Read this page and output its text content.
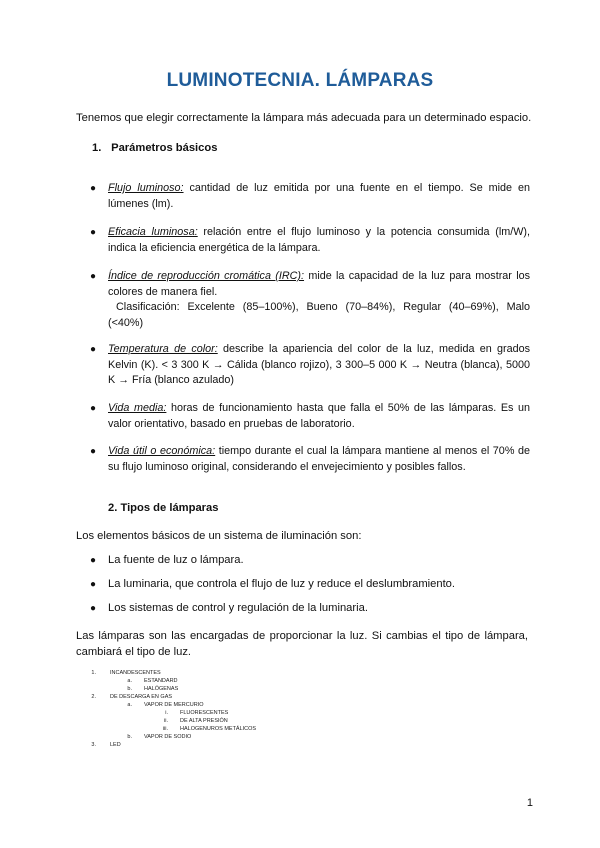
LUMINOTECNIA. LÁMPARAS
Tenemos que elegir correctamente la lámpara más adecuada para un determinado espacio.
1. Parámetros básicos
● Flujo luminoso: cantidad de luz emitida por una fuente en el tiempo. Se mide en lúmenes (lm).
● Eficacia luminosa: relación entre el flujo luminoso y la potencia consumida (lm/W), indica la eficiencia energética de la lámpara.
● Índice de reproducción cromática (IRC): mide la capacidad de la luz para mostrar los colores de manera fiel.
Clasificación: Excelente (85–100%), Bueno (70–84%), Regular (40–69%), Malo (<40%)
● Temperatura de color: describe la apariencia del color de la luz, medida en grados Kelvin (K). < 3 300 K → Cálida (blanco rojizo), 3 300–5 000 K → Neutra (blanca), 5000 K → Fría (blanco azulado)
● Vida media: horas de funcionamiento hasta que falla el 50% de las lámparas. Es un valor orientativo, basado en pruebas de laboratorio.
● Vida útil o económica: tiempo durante el cual la lámpara mantiene al menos el 70% de su flujo luminoso original, considerando el envejecimiento y posibles fallos.
2. Tipos de lámparas
Los elementos básicos de un sistema de iluminación son:
● La fuente de luz o lámpara.
● La luminaria, que controla el flujo de luz y reduce el deslumbramiento.
● Los sistemas de control y regulación de la luminaria.
Las lámparas son las encargadas de proporcionar la luz. Si cambias el tipo de lámpara, cambiará el tipo de luz.
1.	INCANDESCENTES
a. ESTANDARD
b. HALÓGENAS
2.	DE DESCARGA EN GAS
a. VAPOR DE MERCURIO
i. FLUORESCENTES
ii. DE ALTA PRESIÓN
iii. HALOGENUROS METÁLICOS
b. VAPOR DE SODIO
3.	LED
1
